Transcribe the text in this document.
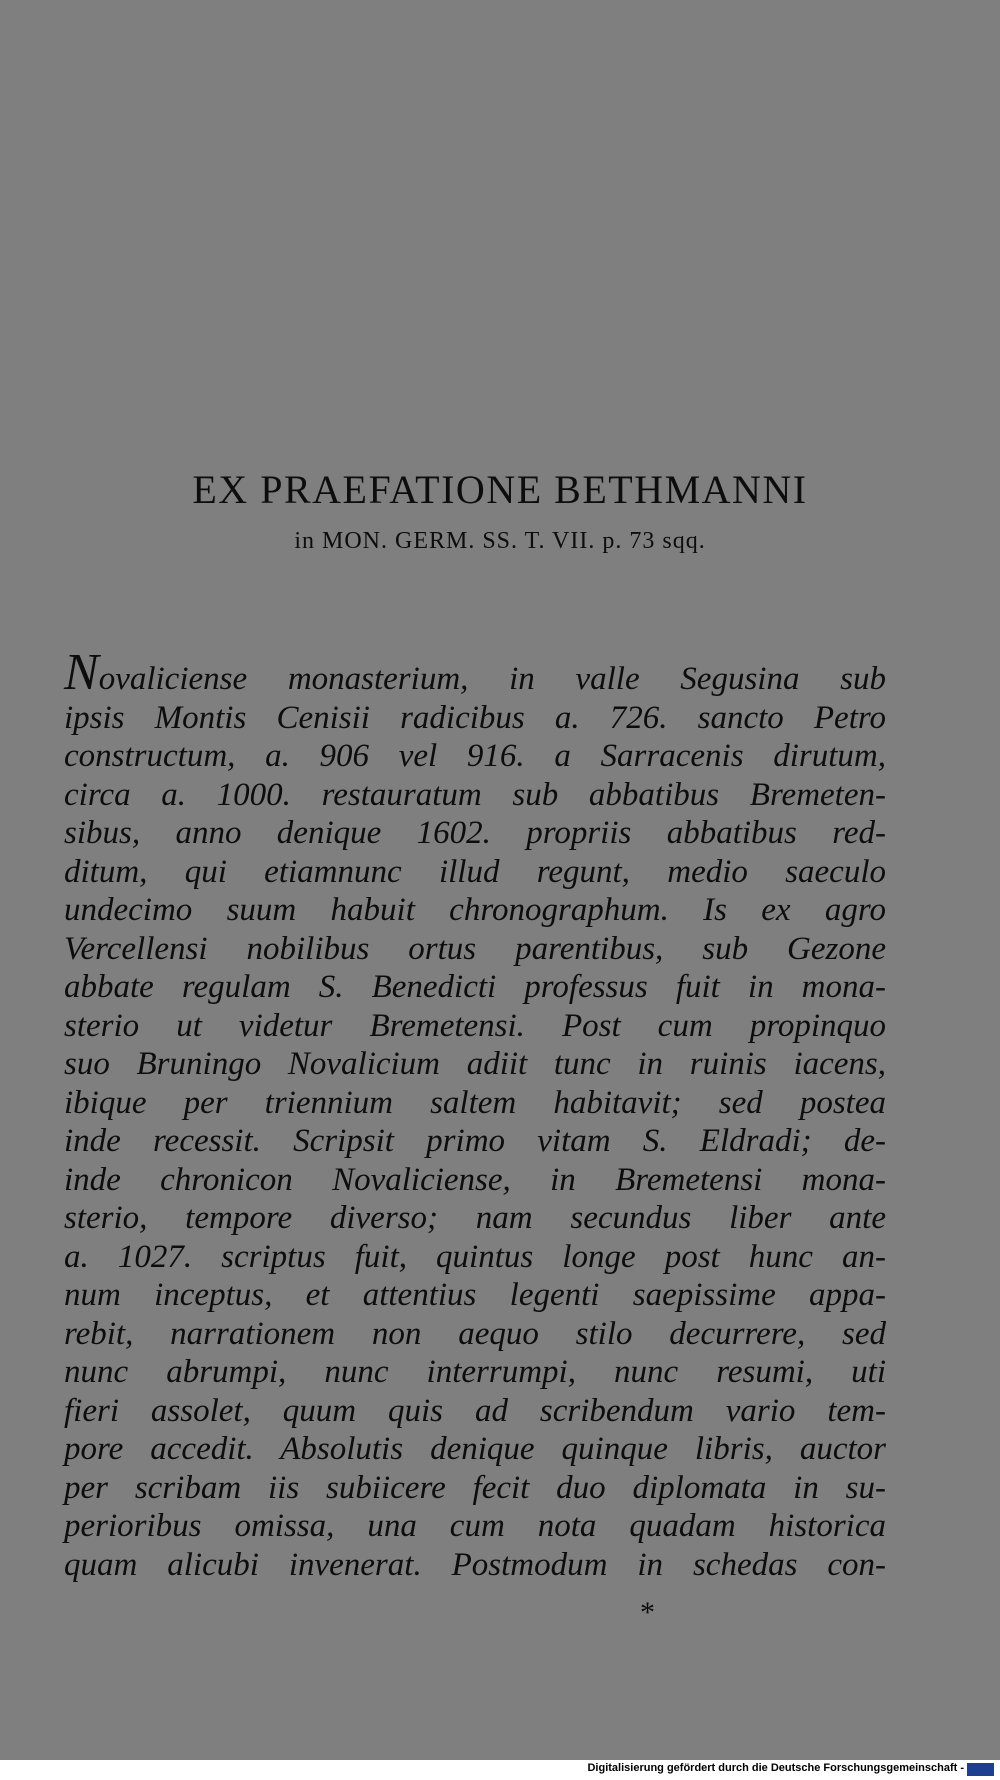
EX PRAEFATIONE BETHMANNI
in MON. GERM. SS. T. VII. p. 73 sqq.
Novaliciense monasterium, in valle Segusina sub
ipsis Montis Cenisii radicibus a. 726. sancto Petro
constructum, a. 906 vel 916. a Sarracenis dirutum,
circa a. 1000. restauratum sub abbatibus Bremeten-
sibus, anno denique 1602. propriis abbatibus red-
ditum, qui etiamnunc illud regunt, medio saeculo
undecimo suum habuit chronographum. Is ex agro
Vercellensi nobilibus ortus parentibus, sub Gezone
abbate regulam S. Benedicti professus fuit in mona-
sterio ut videtur Bremetensi. Post cum propinquo
suo Bruningo Novalicium adiit tunc in ruinis iacens,
ibique per triennium saltem habitavit; sed postea
inde recessit. Scripsit primo vitam S. Eldradi; de-
inde chronicon Novaliciense, in Bremetensi mona-
sterio, tempore diverso; nam secundus liber ante
a. 1027. scriptus fuit, quintus longe post hunc an-
num inceptus, et attentius legenti saepissime appa-
rebit, narrationem non aequo stilo decurrere, sed
nunc abrumpi, nunc interrumpi, nunc resumi, uti
fieri assolet, quum quis ad scribendum vario tem-
pore accedit. Absolutis denique quinque libris, auctor
per scribam iis subiicere fecit duo diplomata in su-
perioribus omissa, una cum nota quadam historica
quam alicubi invenerat. Postmodum in schedas con-
*
Digitalisierung gefördert durch die Deutsche Forschungsgemeinschaft -
